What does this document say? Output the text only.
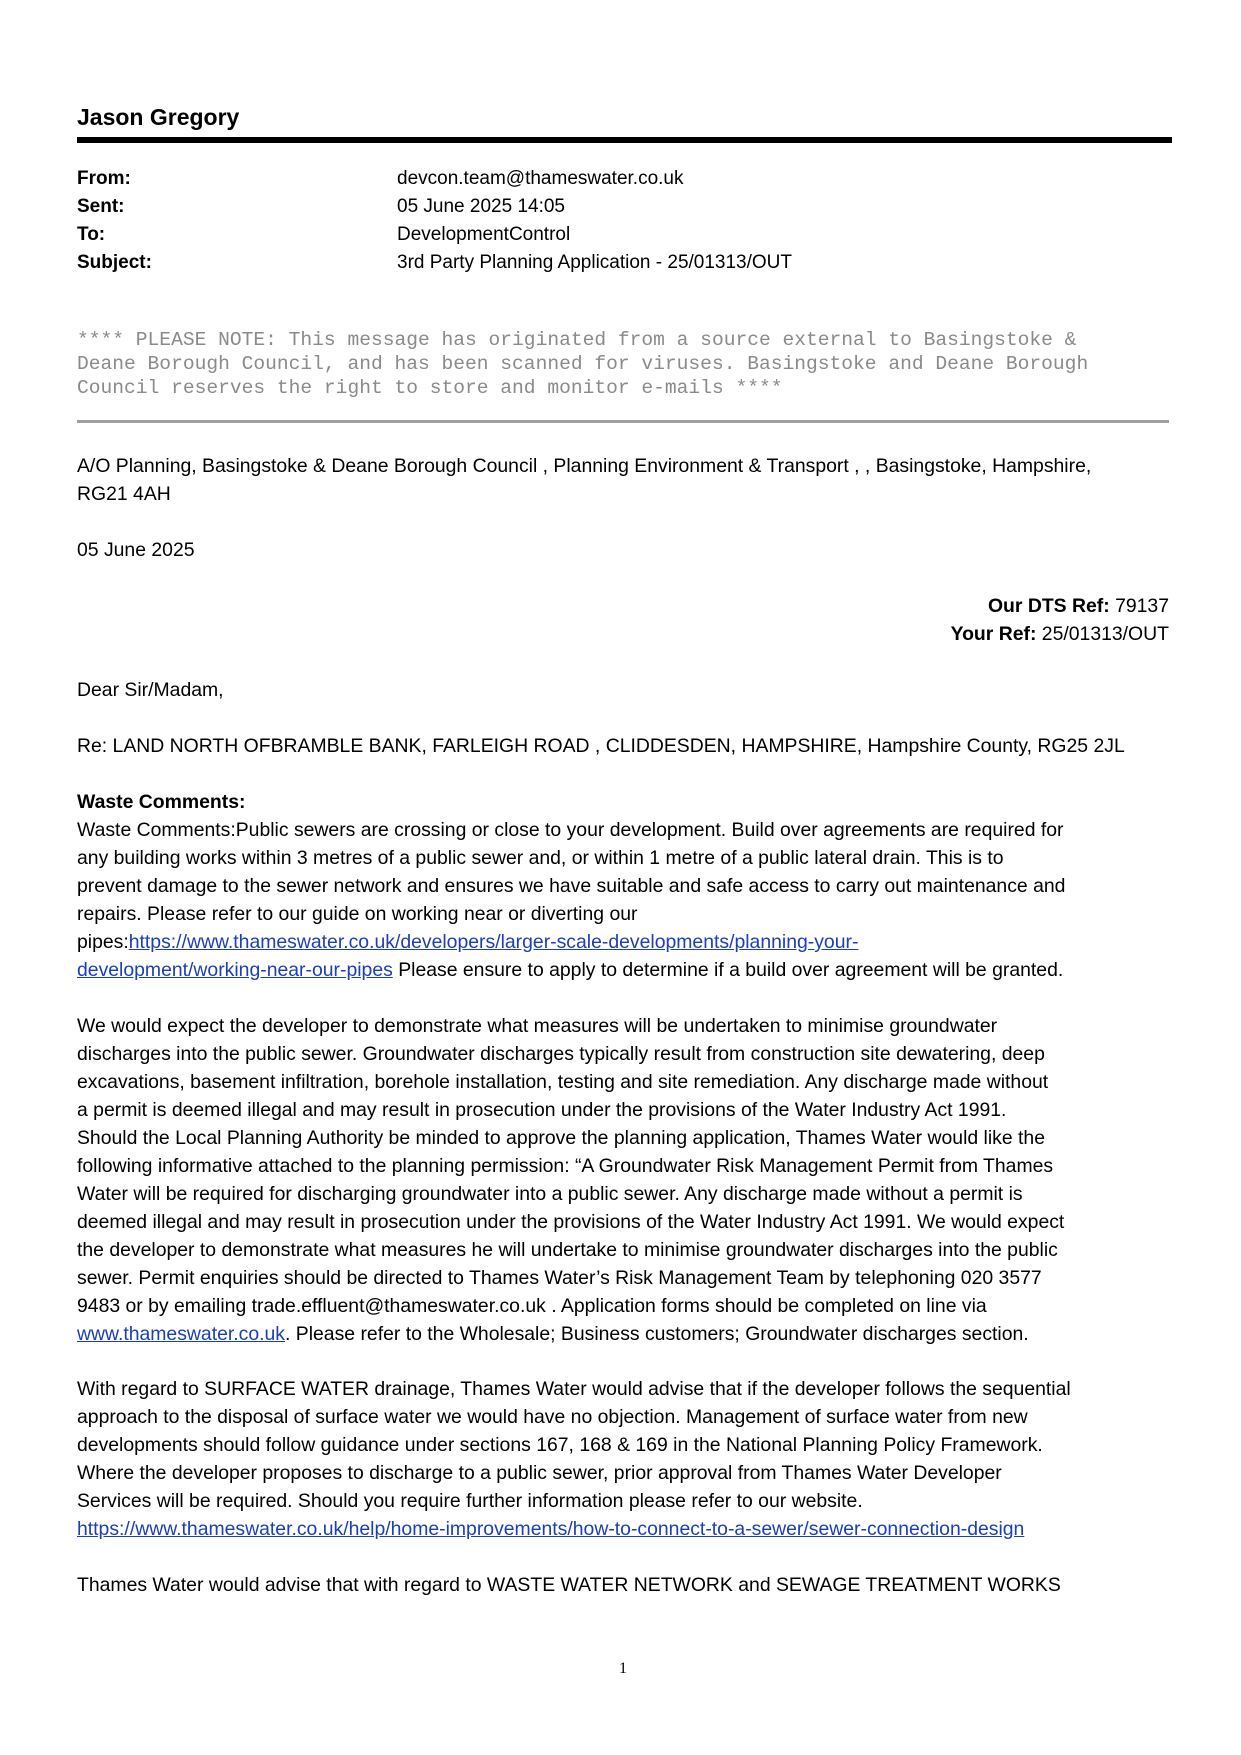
Jason Gregory
From:	devcon.team@thameswater.co.uk
Sent:	05 June 2025 14:05
To:	DevelopmentControl
Subject:	3rd Party Planning Application - 25/01313/OUT
**** PLEASE NOTE: This message has originated from a source external to Basingstoke &
Deane Borough Council, and has been scanned for viruses. Basingstoke and Deane Borough
Council reserves the right to store and monitor e-mails ****
A/O Planning, Basingstoke & Deane Borough Council , Planning Environment & Transport , , Basingstoke, Hampshire,
RG21 4AH
05 June 2025
Our DTS Ref: 79137
Your Ref: 25/01313/OUT
Dear Sir/Madam,
Re: LAND NORTH OFBRAMBLE BANK, FARLEIGH ROAD , CLIDDESDEN, HAMPSHIRE, Hampshire County, RG25 2JL
Waste Comments:
Waste Comments:Public sewers are crossing or close to your development. Build over agreements are required for
any building works within 3 metres of a public sewer and, or within 1 metre of a public lateral drain. This is to
prevent damage to the sewer network and ensures we have suitable and safe access to carry out maintenance and
repairs. Please refer to our guide on working near or diverting our
pipes:https://www.thameswater.co.uk/developers/larger-scale-developments/planning-your-
development/working-near-our-pipes Please ensure to apply to determine if a build over agreement will be granted.
We would expect the developer to demonstrate what measures will be undertaken to minimise groundwater
discharges into the public sewer. Groundwater discharges typically result from construction site dewatering, deep
excavations, basement infiltration, borehole installation, testing and site remediation. Any discharge made without
a permit is deemed illegal and may result in prosecution under the provisions of the Water Industry Act 1991.
Should the Local Planning Authority be minded to approve the planning application, Thames Water would like the
following informative attached to the planning permission: “A Groundwater Risk Management Permit from Thames
Water will be required for discharging groundwater into a public sewer. Any discharge made without a permit is
deemed illegal and may result in prosecution under the provisions of the Water Industry Act 1991. We would expect
the developer to demonstrate what measures he will undertake to minimise groundwater discharges into the public
sewer. Permit enquiries should be directed to Thames Water’s Risk Management Team by telephoning 020 3577
9483 or by emailing trade.effluent@thameswater.co.uk . Application forms should be completed on line via
www.thameswater.co.uk. Please refer to the Wholesale; Business customers; Groundwater discharges section.
With regard to SURFACE WATER drainage, Thames Water would advise that if the developer follows the sequential
approach to the disposal of surface water we would have no objection. Management of surface water from new
developments should follow guidance under sections 167, 168 & 169 in the National Planning Policy Framework.
Where the developer proposes to discharge to a public sewer, prior approval from Thames Water Developer
Services will be required. Should you require further information please refer to our website.
https://www.thameswater.co.uk/help/home-improvements/how-to-connect-to-a-sewer/sewer-connection-design
Thames Water would advise that with regard to WASTE WATER NETWORK and SEWAGE TREATMENT WORKS
1
